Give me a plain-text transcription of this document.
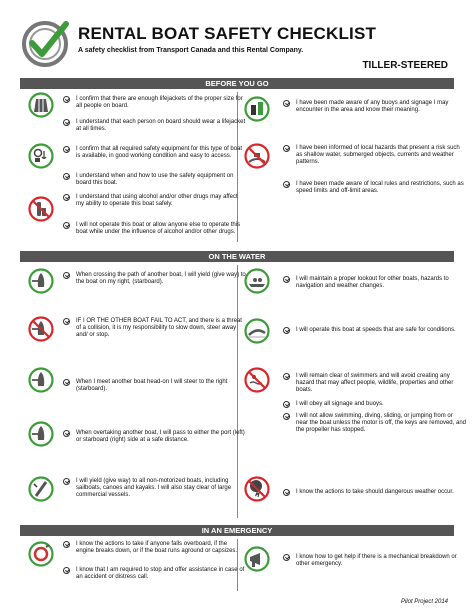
RENTAL BOAT SAFETY CHECKLIST
A safety checklist from Transport Canada and this Rental Company.
TILLER-STEERED
BEFORE YOU GO
ON THE WATER
IN AN EMERGENCY
I confirm that there are enough lifejackets of the proper size for all people on board.
I understand that each person on board should wear a lifejacket at all times.
I confirm that all required safety equipment for this type of boat is available, in good working condition and easy to access.
I understand when and how to use the safety equipment on board this boat.
I understand that using alcohol and/or other drugs may affect my ability to operate this boat safely.
I will not operate this boat or allow anyone else to operate this boat while under the influence of alcohol and/or other drugs.
I have been made aware of any buoys and signage I may encounter in the area and know their meaning.
I have been informed of local hazards that present a risk such as shallow water, submerged objects, currents and weather patterns.
I have been made aware of local rules and restrictions, such as speed limits and off-limit areas.
When crossing the path of another boat, I will yield (give way) to the boat on my right, (starboard).
IF I OR THE OTHER BOAT FAIL TO ACT, and there is a threat of a collision, it is my responsibility to slow down, steer away and/ or stop.
When I meet another boat head-on I will steer to the right (starboard).
When overtaking another boat, I will pass to either the port (left) or starboard (right) side at a safe distance.
I will yield (give way) to all non-motorized boats, including sailboats, canoes and kayaks. I will also stay clear of large commercial vessels.
I will maintain a proper lookout for other boats, hazards to navigation and weather changes.
I will operate this boat at speeds that are safe for conditions.
I will remain clear of swimmers and will avoid creating any hazard that may affect people, wildlife, properties and other boats.
I will obey all signage and buoys.
I will not allow swimming, diving, sliding, or jumping from or near the boat unless the motor is off, the keys are removed, and the propeller has stopped.
I know the actions to take should dangerous weather occur.
I know the actions to take if anyone falls overboard, if the engine breaks down, or if the boat runs aground or capsizes.
I know that I am required to stop and offer assistance in case of an accident or distress call.
I know how to get help if there is a mechanical breakdown or other emergency.
Pilot Project 2014
